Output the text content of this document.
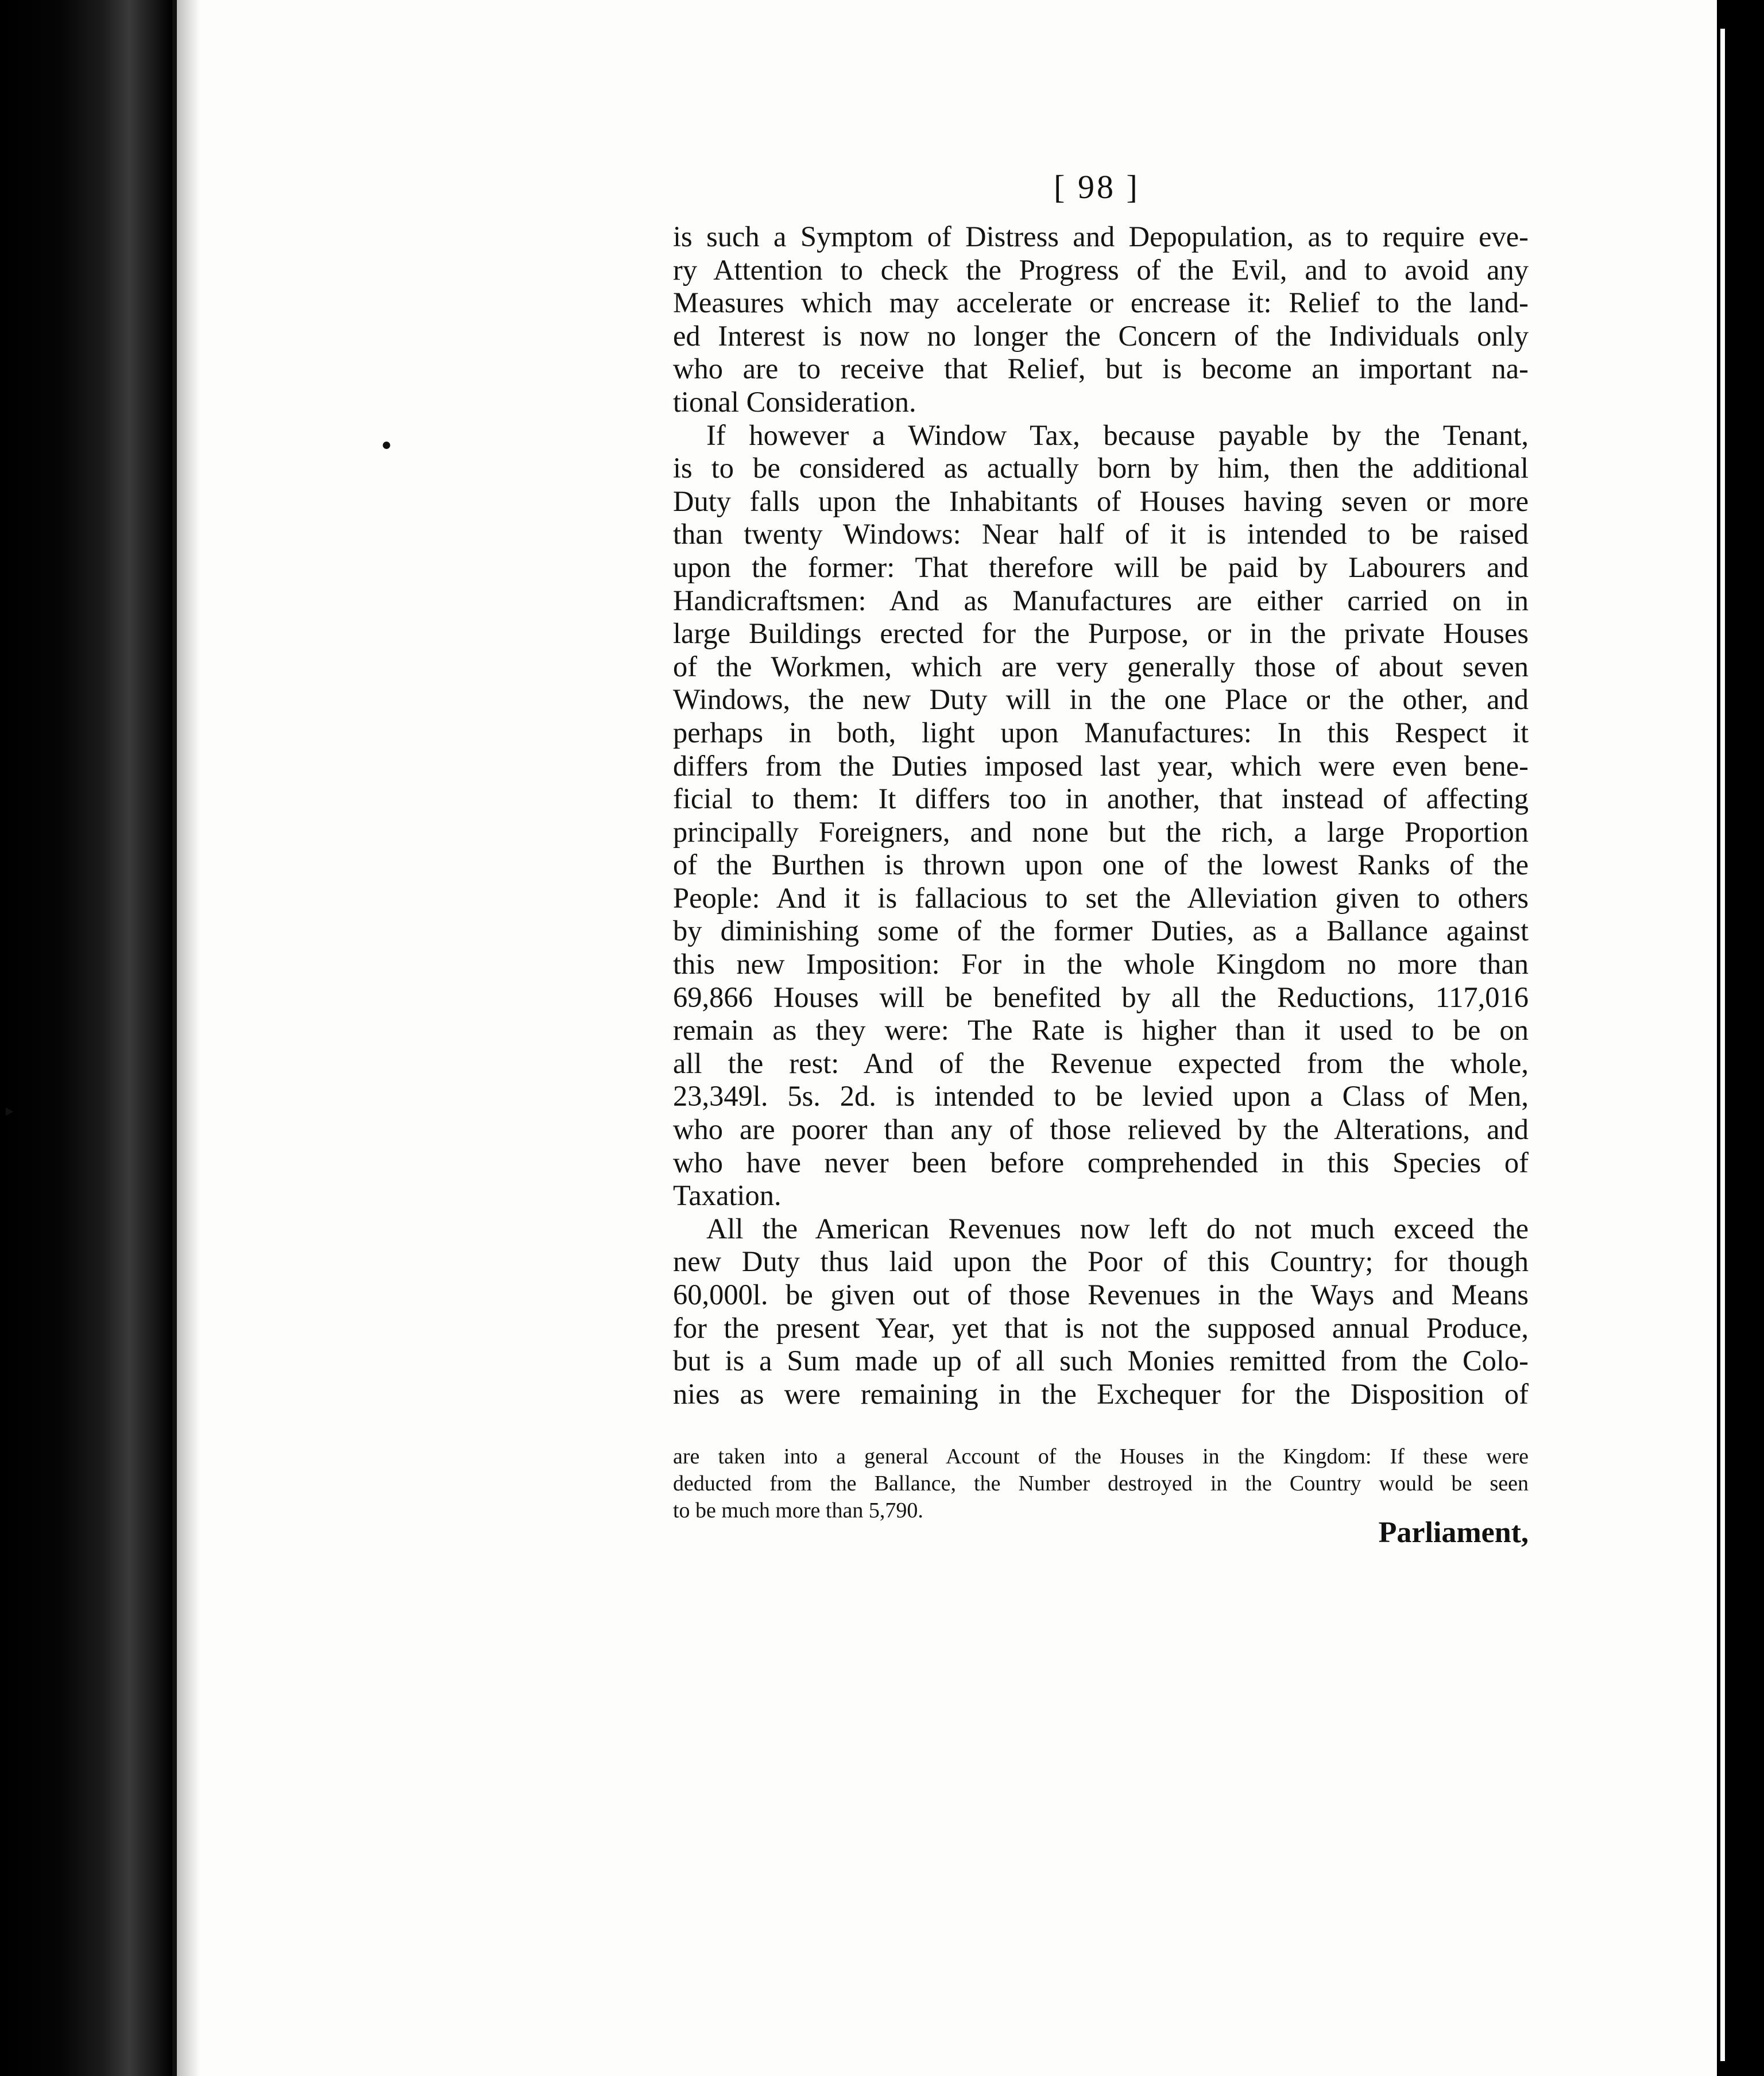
●
▶
[ 98 ]
is such a Symptom of Distress and Depopulation, as to require eve-
ry Attention to check the Progress of the Evil, and to avoid any
Measures which may accelerate or encrease it: Relief to the land-
ed Interest is now no longer the Concern of the Individuals only
who are to receive that Relief, but is become an important na-
tional Consideration.
If however a Window Tax, because payable by the Tenant,
is to be considered as actually born by him, then the additional
Duty falls upon the Inhabitants of Houses having seven or more
than twenty Windows: Near half of it is intended to be raised
upon the former: That therefore will be paid by Labourers and
Handicraftsmen: And as Manufactures are either carried on in
large Buildings erected for the Purpose, or in the private Houses
of the Workmen, which are very generally those of about seven
Windows, the new Duty will in the one Place or the other, and
perhaps in both, light upon Manufactures: In this Respect it
differs from the Duties imposed last year, which were even bene-
ficial to them: It differs too in another, that instead of affecting
principally Foreigners, and none but the rich, a large Proportion
of the Burthen is thrown upon one of the lowest Ranks of the
People: And it is fallacious to set the Alleviation given to others
by diminishing some of the former Duties, as a Ballance against
this new Imposition: For in the whole Kingdom no more than
69,866 Houses will be benefited by all the Reductions, 117,016
remain as they were: The Rate is higher than it used to be on
all the rest: And of the Revenue expected from the whole,
23,349l. 5s. 2d. is intended to be levied upon a Class of Men,
who are poorer than any of those relieved by the Alterations, and
who have never been before comprehended in this Species of
Taxation.
All the American Revenues now left do not much exceed the
new Duty thus laid upon the Poor of this Country; for though
60,000l. be given out of those Revenues in the Ways and Means
for the present Year, yet that is not the supposed annual Produce,
but is a Sum made up of all such Monies remitted from the Colo-
nies as were remaining in the Exchequer for the Disposition of
are taken into a general Account of the Houses in the Kingdom: If these were
deducted from the Ballance, the Number destroyed in the Country would be seen
to be much more than 5,790.
Parliament,
